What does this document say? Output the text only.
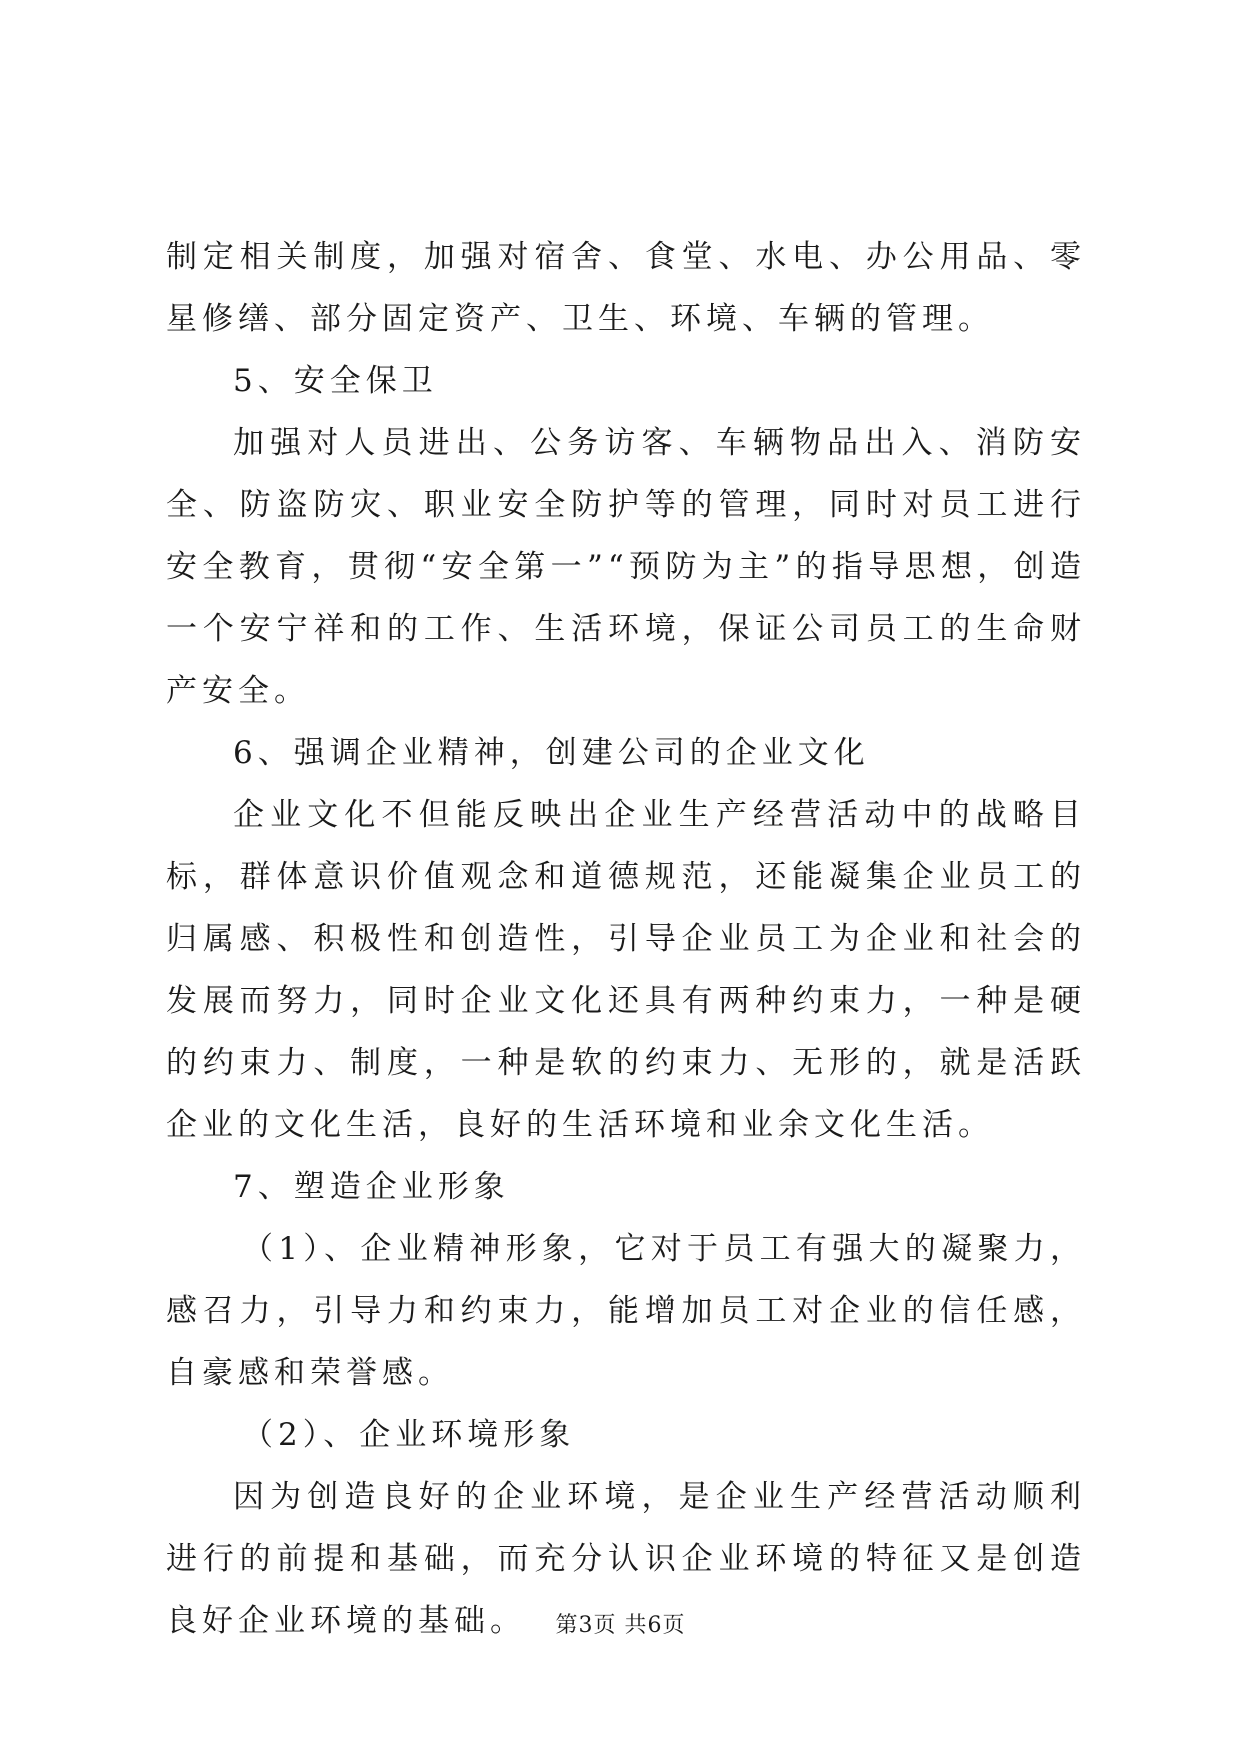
制定相关制度，加强对宿舍、食堂、水电、办公用品、零星修缮、部分固定资产、卫生、环境、车辆的管理。

5、安全保卫

加强对人员进出、公务访客、车辆物品出入、消防安全、防盗防灾、职业安全防护等的管理，同时对员工进行安全教育，贯彻“安全第一”“预防为主”的指导思想，创造一个安宁祥和的工作、生活环境，保证公司员工的生命财产安全。

6、强调企业精神，创建公司的企业文化

企业文化不但能反映出企业生产经营活动中的战略目标，群体意识价值观念和道德规范，还能凝集企业员工的归属感、积极性和创造性，引导企业员工为企业和社会的发展而努力，同时企业文化还具有两种约束力，一种是硬的约束力、制度，一种是软的约束力、无形的，就是活跃企业的文化生活，良好的生活环境和业余文化生活。

7、塑造企业形象

（1）、企业精神形象，它对于员工有强大的凝聚力，感召力，引导力和约束力，能增加员工对企业的信任感，自豪感和荣誉感。

（2）、企业环境形象

因为创造良好的企业环境，是企业生产经营活动顺利进行的前提和基础，而充分认识企业环境的特征又是创造良好企业环境的基础。	第3页 共6页
